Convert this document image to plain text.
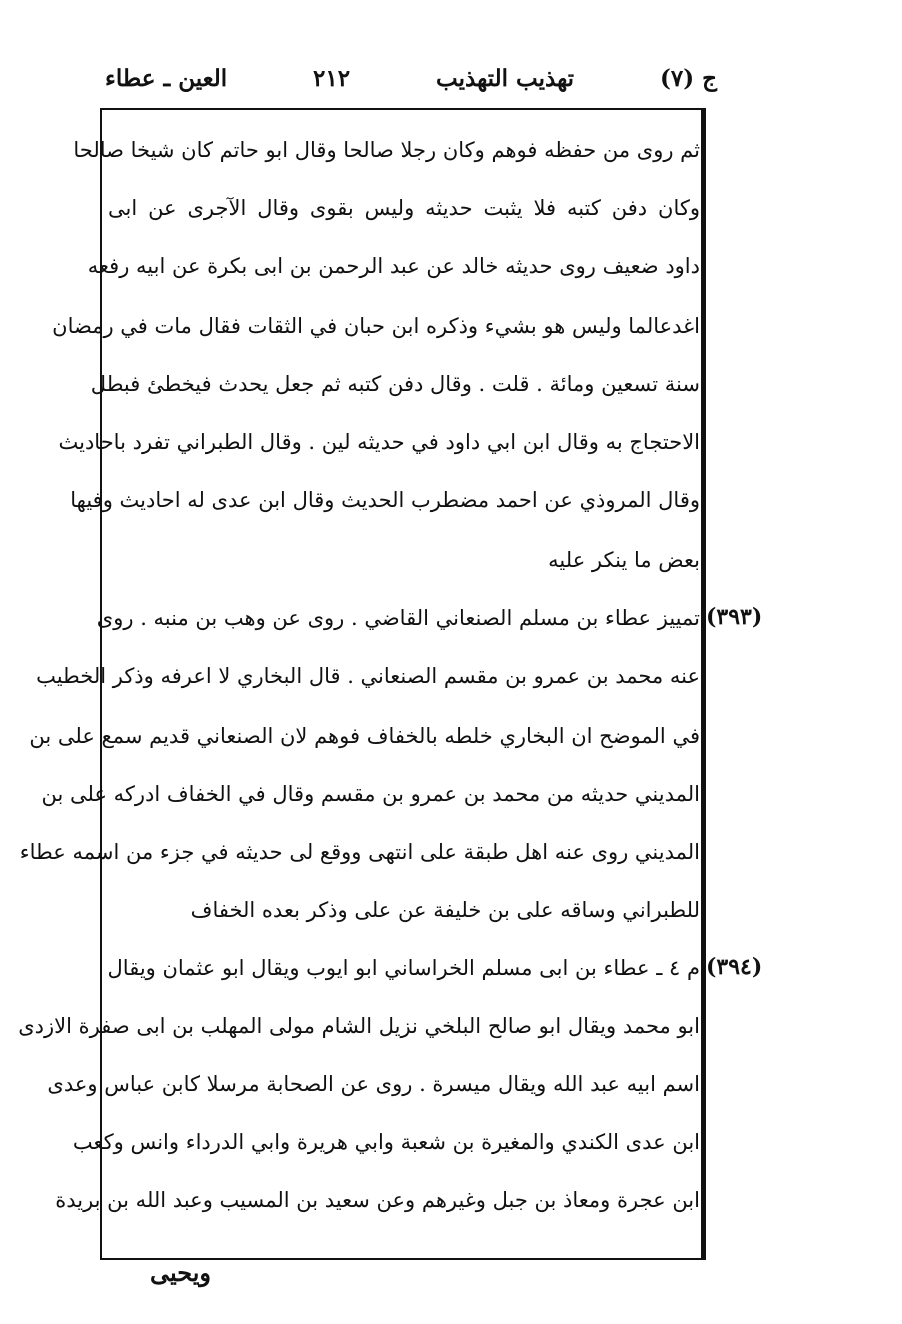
ج (٧)
تهذيب التهذيب
٢١٢
العين ـ عطاء
ثم روى من حفظه فوهم وكان رجلا صالحا وقال ابو حاتم كان شيخا صالحا
وكان دفن كتبه فلا يثبت حديثه وليس بقوى وقال الآجرى عن ابى
داود ضعيف روى حديثه خالد عن عبد الرحمن بن ابى بكرة عن ابيه رفعه
اغدعالما وليس هو بشيء وذكره ابن حبان في الثقات فقال مات في رمضان
سنة تسعين ومائة . قلت . وقال دفن كتبه ثم جعل يحدث فيخطئ فبطل
الاحتجاج به وقال ابن ابي داود في حديثه لين . وقال الطبراني تفرد باحاديث
وقال المروذي عن احمد مضطرب الحديث وقال ابن عدى له احاديث وفيها
بعض ما ينكر عليه
تمييز عطاء بن مسلم الصنعاني القاضي . روى عن وهب بن منبه . روى
عنه محمد بن عمرو بن مقسم الصنعاني . قال البخاري لا اعرفه وذكر الخطيب
في الموضح ان البخاري خلطه بالخفاف فوهم لان الصنعاني قديم سمع على بن
المديني حديثه من محمد بن عمرو بن مقسم وقال في الخفاف ادركه على بن
المديني روى عنه اهل طبقة على انتهى ووقع لى حديثه في جزء من اسمه عطاء
للطبراني وساقه على بن خليفة عن على وذكر بعده الخفاف
م ٤ ـ عطاء بن ابى مسلم الخراساني ابو ايوب ويقال ابو عثمان ويقال
ابو محمد ويقال ابو صالح البلخي نزيل الشام مولى المهلب بن ابى صفرة الازدى
اسم ابيه عبد الله ويقال ميسرة . روى عن الصحابة مرسلا كابن عباس وعدى
ابن عدى الكندي والمغيرة بن شعبة وابي هريرة وابي الدرداء وانس وكعب
ابن عجرة ومعاذ بن جبل وغيرهم وعن سعيد بن المسيب وعبد الله بن بريدة
(٣٩٣)
(٣٩٤)
ويحيى
